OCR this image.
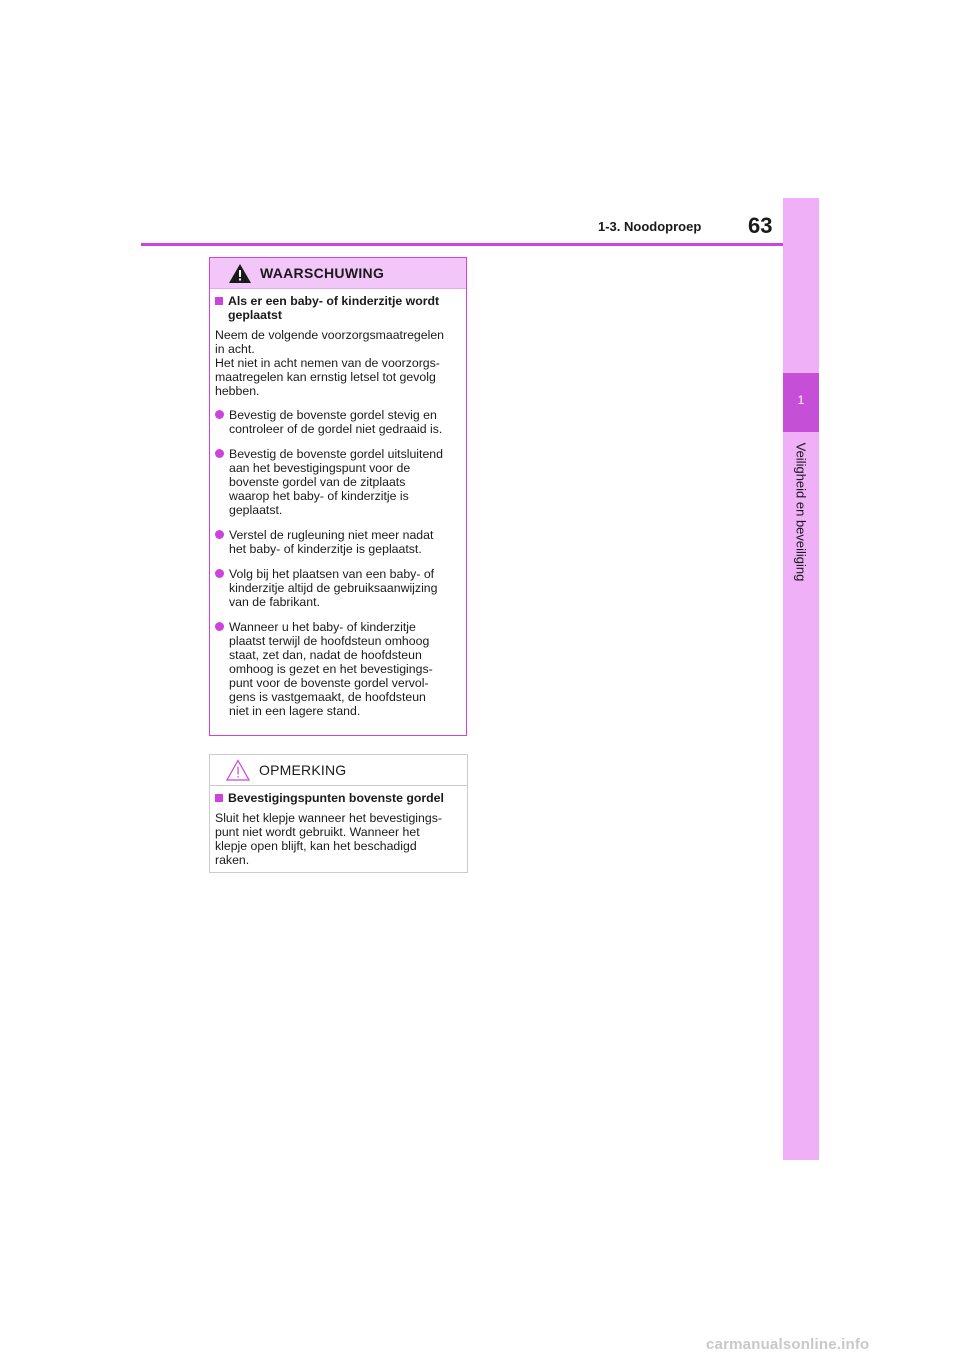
1-3. Noodoproep 63
1
Veiligheid en beveiliging
WAARSCHUWING
Als er een baby- of kinderzitje wordt geplaatst

Neem de volgende voorzorgsmaatregelen
in acht.
Het niet in acht nemen van de voorzorgs-
maatregelen kan ernstig letsel tot gevolg
hebben.

Bevestig de bovenste gordel stevig en
controleer of de gordel niet gedraaid is.
Bevestig de bovenste gordel uitsluitend
aan het bevestigingspunt voor de
bovenste gordel van de zitplaats
waarop het baby- of kinderzitje is
geplaatst.
Verstel de rugleuning niet meer nadat
het baby- of kinderzitje is geplaatst.
Volg bij het plaatsen van een baby- of
kinderzitje altijd de gebruiksaanwijzing
van de fabrikant.
Wanneer u het baby- of kinderzitje
plaatst terwijl de hoofdsteun omhoog
staat, zet dan, nadat de hoofdsteun
omhoog is gezet en het bevestigings-
punt voor de bovenste gordel vervol-
gens is vastgemaakt, de hoofdsteun
niet in een lagere stand.
OPMERKING
Bevestigingspunten bovenste gordel

Sluit het klepje wanneer het bevestigings-
punt niet wordt gebruikt. Wanneer het
klepje open blijft, kan het beschadigd
raken.

carmanualsonline.info
